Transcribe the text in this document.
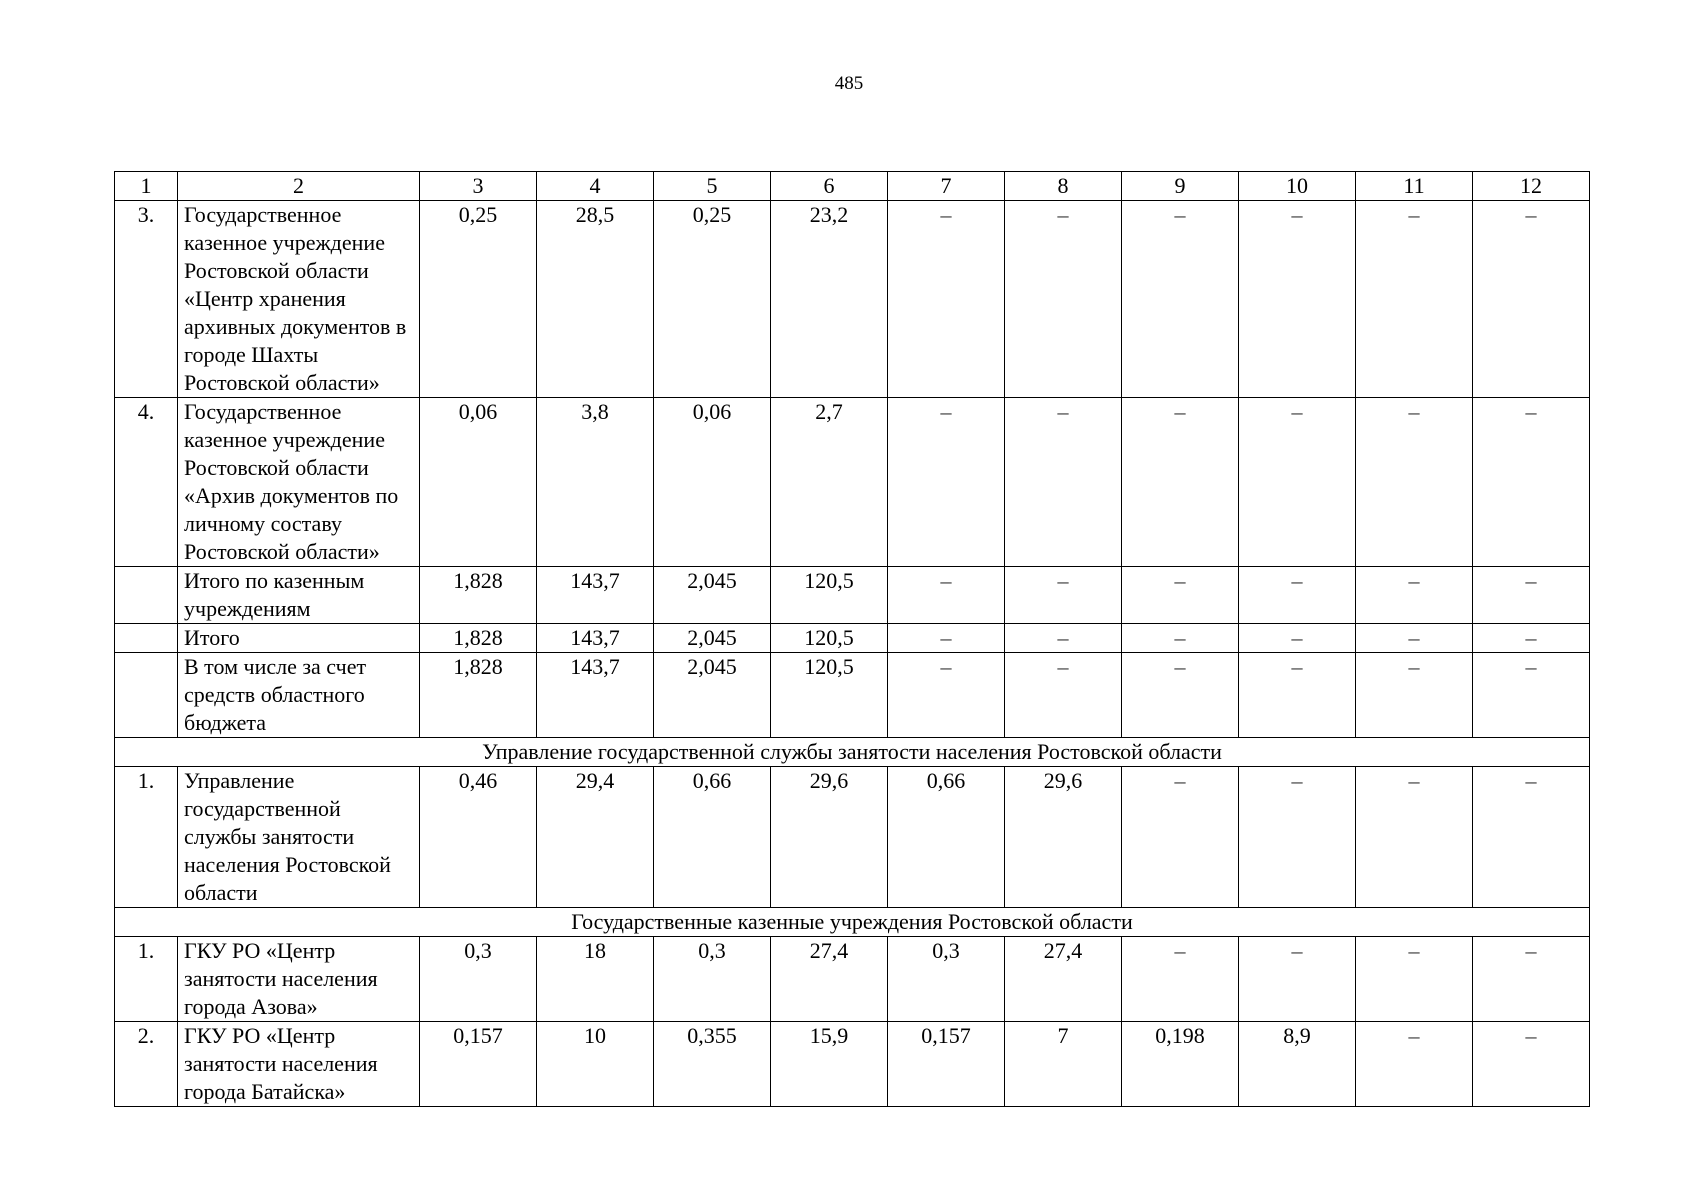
485
1	2	3	4	5	6	7	8	9	10	11	12
3.	Государственное казенное учреждение Ростовской области «Центр хранения архивных документов в городе Шахты Ростовской области»	0,25	28,5	0,25	23,2	–	–	–	–	–	–
4.	Государственное казенное учреждение Ростовской области «Архив документов по личному составу Ростовской области»	0,06	3,8	0,06	2,7	–	–	–	–	–	–
	Итого по казенным учреждениям	1,828	143,7	2,045	120,5	–	–	–	–	–	–
	Итого	1,828	143,7	2,045	120,5	–	–	–	–	–	–
	В том числе за счет средств областного бюджета	1,828	143,7	2,045	120,5	–	–	–	–	–	–
Управление государственной службы занятости населения Ростовской области											
1.	Управление государственной службы занятости населения Ростовской области	0,46	29,4	0,66	29,6	0,66	29,6	–	–	–	–
Государственные казенные учреждения Ростовской области											
1.	ГКУ РО «Центр занятости населения города Азова»	0,3	18	0,3	27,4	0,3	27,4	–	–	–	–
2.	ГКУ РО «Центр занятости населения города Батайска»	0,157	10	0,355	15,9	0,157	7	0,198	8,9	–	–
